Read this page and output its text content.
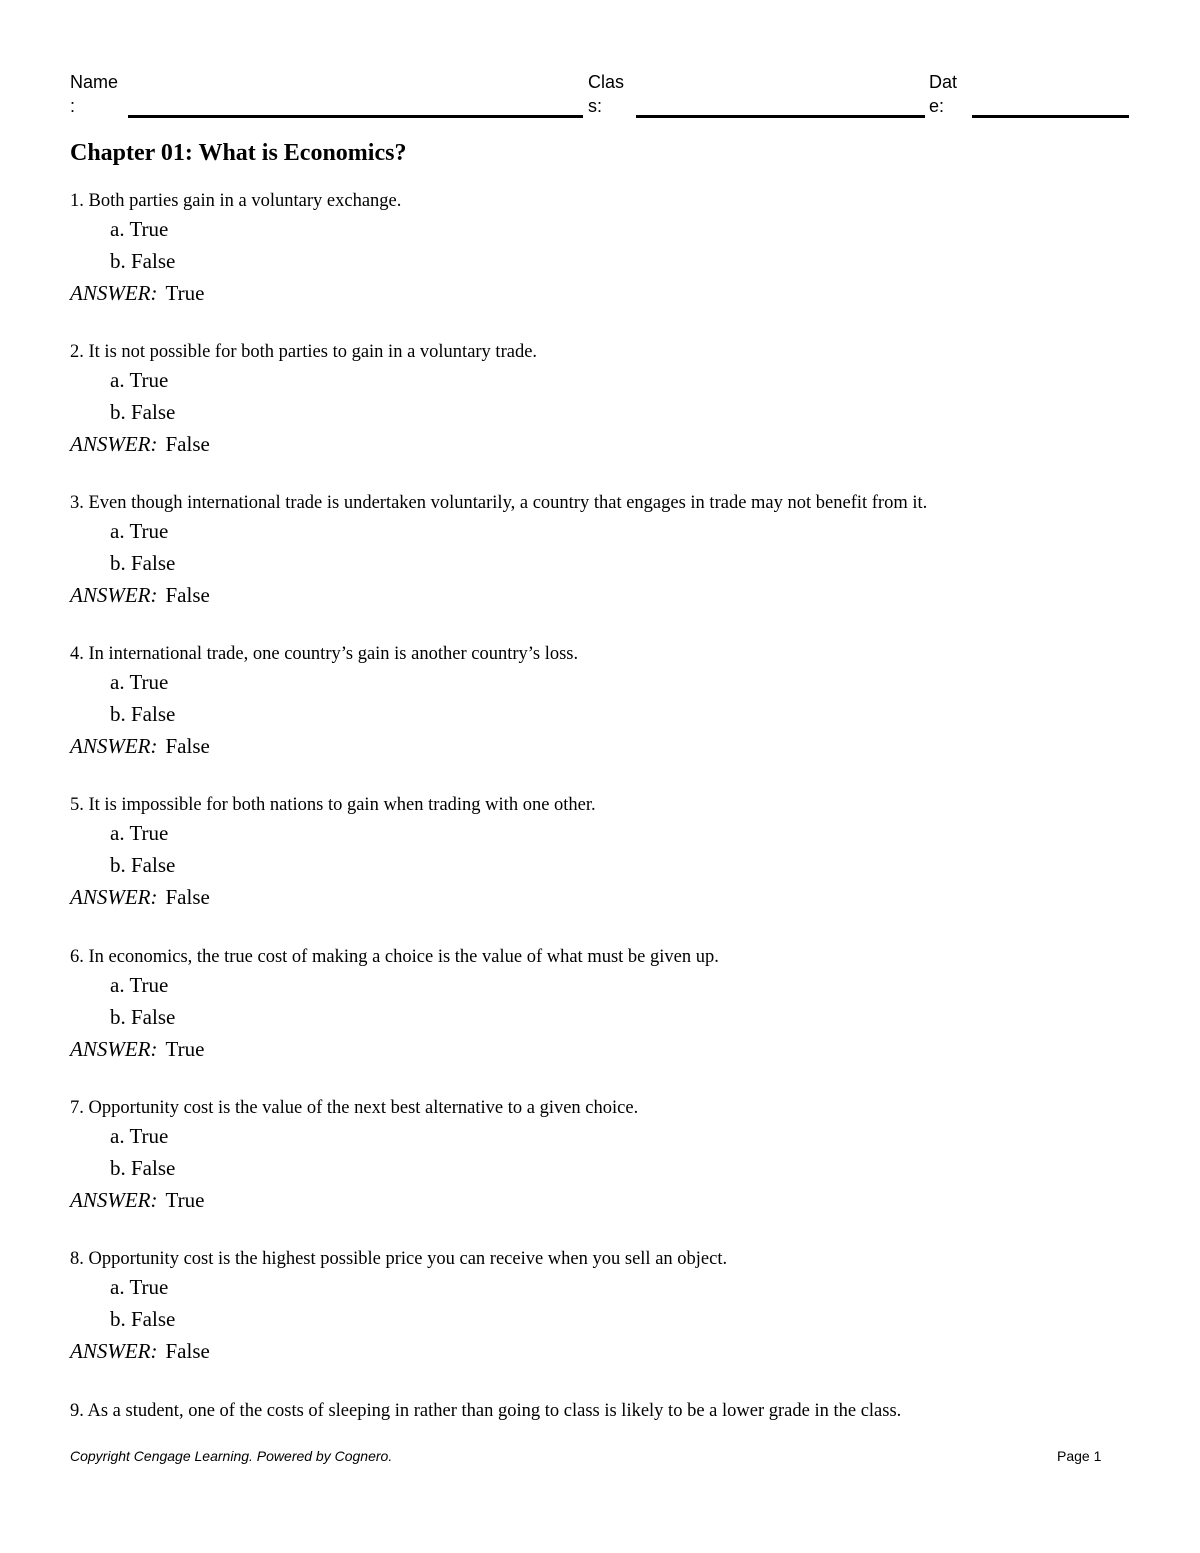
Name
:
Clas
s:
Dat
e:
Chapter 01: What is Economics?
1. Both parties gain in a voluntary exchange.
a. True
b. False
ANSWER: True
2. It is not possible for both parties to gain in a voluntary trade.
a. True
b. False
ANSWER: False
3. Even though international trade is undertaken voluntarily, a country that engages in trade may not benefit from it.
a. True
b. False
ANSWER: False
4. In international trade, one country’s gain is another country’s loss.
a. True
b. False
ANSWER: False
5. It is impossible for both nations to gain when trading with one other.
a. True
b. False
ANSWER: False
6. In economics, the true cost of making a choice is the value of what must be given up.
a. True
b. False
ANSWER: True
7. Opportunity cost is the value of the next best alternative to a given choice.
a. True
b. False
ANSWER: True
8. Opportunity cost is the highest possible price you can receive when you sell an object.
a. True
b. False
ANSWER: False
9. As a student, one of the costs of sleeping in rather than going to class is likely to be a lower grade in the class.
Copyright Cengage Learning. Powered by Cognero.	Page 1
